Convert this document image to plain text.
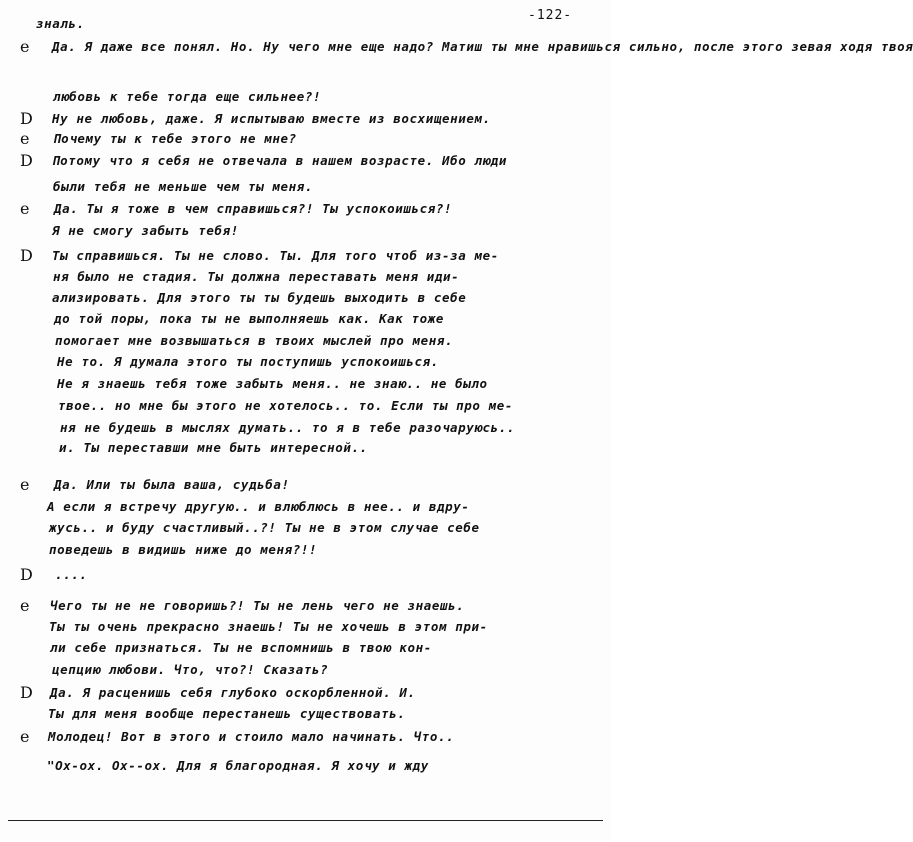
-122-
зналь.
e Да. Я даже все понял. Но. Ну чего мне еще надо? Матиш ты мне нравишься сильно, после этого зевая ходя твоя
любовь к тебе тогда еще сильнее?!
D Ну не любовь, даже. Я испытываю вместе из восхищением.
e Почему ты к тебе этого не мне?
D Потому что я себя не отвечала в нашем возрасте. Ибо люди
были тебя не меньше чем ты меня.
e Да. Ты я тоже в чем справишься?! Ты успокоишься?!
Я не смогу забыть тебя!
D Ты справишься. Ты не слово. Ты. Для того чтоб из-за ме-
ня было не стадия. Ты должна переставать меня иди-
ализировать. Для этого ты ты будешь выходить в себе
до той поры, пока ты не выполняешь как. Как тоже
помогает мне возвышаться в твоих мыслей про меня.
Не то. Я думала этого ты поступишь успокоишься.
Не я знаешь тебя тоже забыть меня.. не знаю.. не было
твое.. но мне бы этого не хотелось.. то. Если ты про ме-
ня не будешь в мыслях думать.. то я в тебе разочаруюсь..
и. Ты переставши мне быть интересной..
e Да. Или ты была ваша, судьба!
А если я встречу другую.. и влюблюсь в нее.. и вдру-
жусь.. и буду счастливый..?! Ты не в этом случае себе
поведешь в видишь ниже до меня?!!
D ....
e Чего ты не не говоришь?! Ты не лень чего не знаешь.
Ты ты очень прекрасно знаешь! Ты не хочешь в этом при-
ли себе признаться. Ты не вспомнишь в твою кон-
цепцию любови. Что, что?! Сказать?
D Да. Я расценишь себя глубоко оскорбленной. И.
Ты для меня вообще перестанешь существовать.
e Молодец! Вот в этого и стоило мало начинать. Что..
"Ох-ох. Ох--ох. Для я благородная. Я хочу и жду
